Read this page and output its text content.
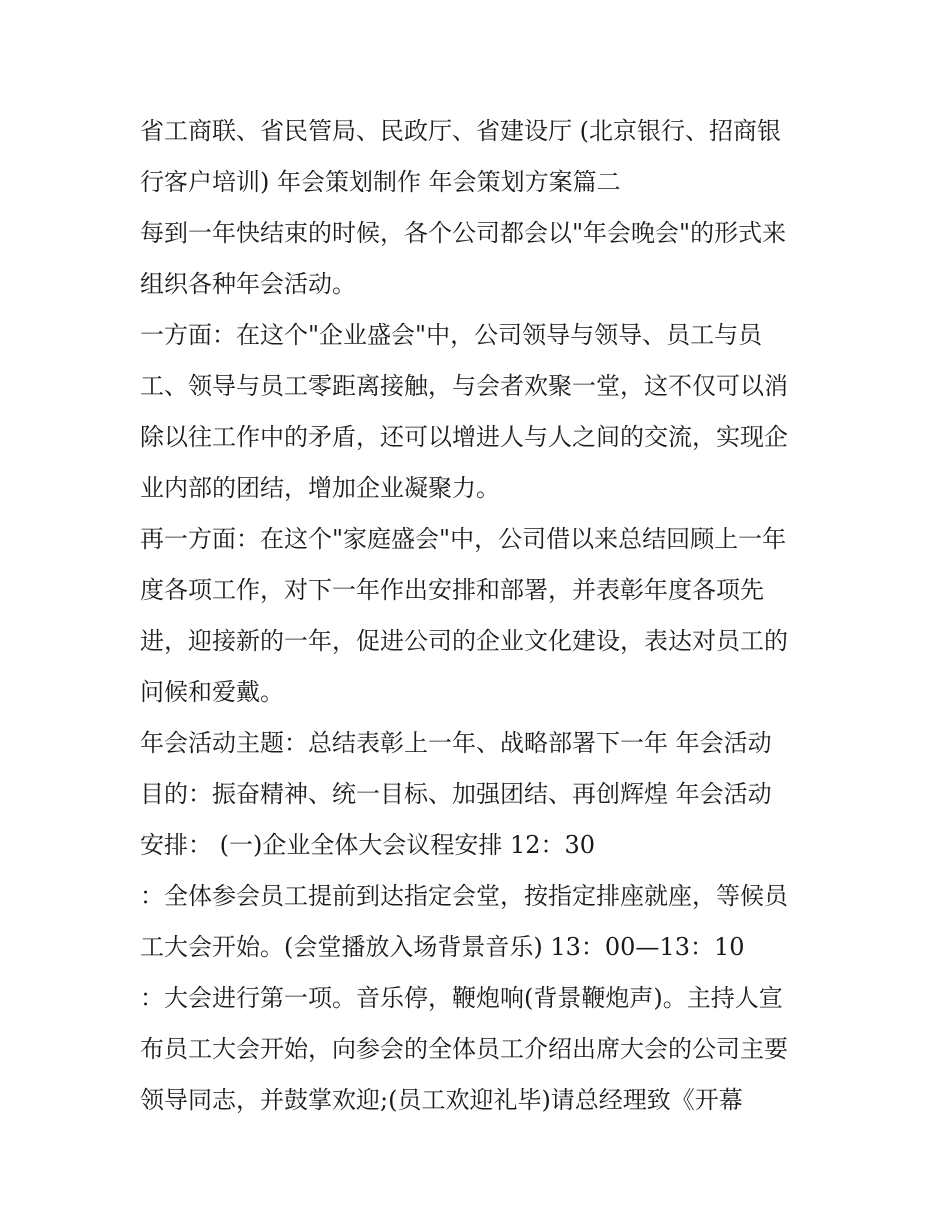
省工商联、省民管局、民政厅、省建设厅 (北京银行、招商银
行客户培训) 年会策划制作 年会策划方案篇二
每到一年快结束的时候，各个公司都会以"年会晚会"的形式来
组织各种年会活动。
一方面：在这个"企业盛会"中，公司领导与领导、员工与员
工、领导与员工零距离接触，与会者欢聚一堂，这不仅可以消
除以往工作中的矛盾，还可以增进人与人之间的交流，实现企
业内部的团结，增加企业凝聚力。
再一方面：在这个"家庭盛会"中，公司借以来总结回顾上一年
度各项工作，对下一年作出安排和部署，并表彰年度各项先
进，迎接新的一年，促进公司的企业文化建设，表达对员工的
问候和爱戴。
年会活动主题：总结表彰上一年、战略部署下一年 年会活动
目的：振奋精神、统一目标、加强团结、再创辉煌 年会活动
安排： (一)企业全体大会议程安排 12：30
：全体参会员工提前到达指定会堂，按指定排座就座，等候员
工大会开始。(会堂播放入场背景音乐) 13：00—13：10
：大会进行第一项。音乐停，鞭炮响(背景鞭炮声)。主持人宣
布员工大会开始，向参会的全体员工介绍出席大会的公司主要
领导同志，并鼓掌欢迎;(员工欢迎礼毕)请总经理致《开幕
